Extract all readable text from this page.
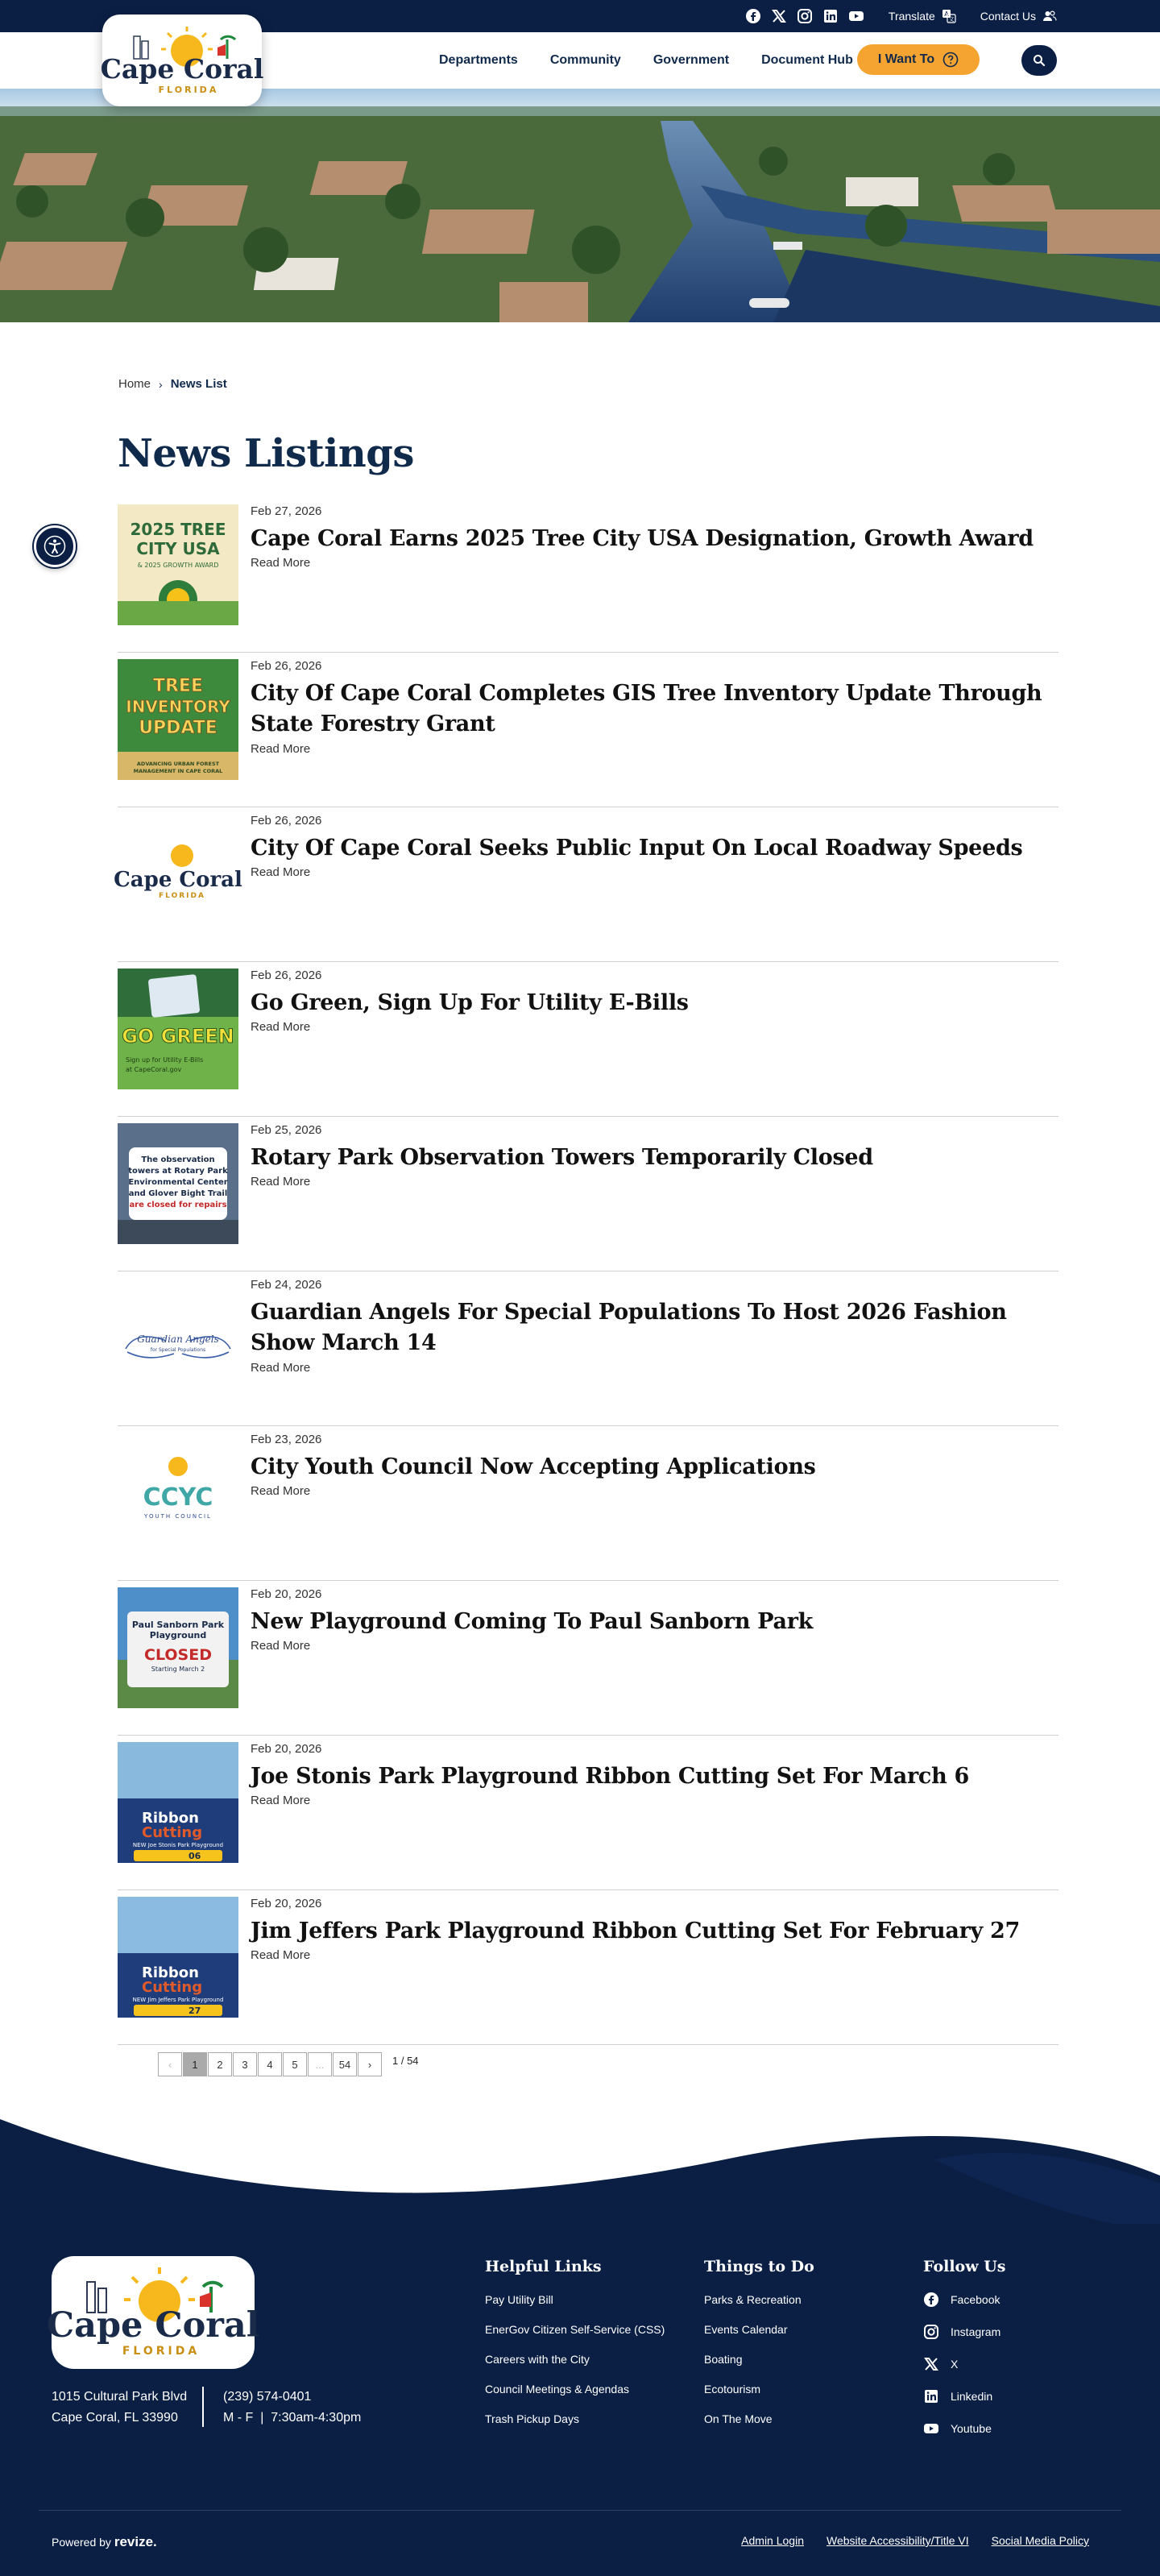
Translate A
文 Contact Us
Cape Coral
FLORIDA
Departments	Community	Government	Document Hub I Want To
Home › News List
News Listings
2025 TREE
CITY USA
& 2025 GROWTH AWARD
Feb 27, 2026
Cape Coral Earns 2025 Tree City USA Designation, Growth Award
Read More
TREE
INVENTORY
UPDATE
ADVANCING URBAN FOREST
MANAGEMENT IN CAPE CORAL
Feb 26, 2026
City Of Cape Coral Completes GIS Tree Inventory Update Through State Forestry Grant
Read More
Cape Coral
FLORIDA
Feb 26, 2026
City Of Cape Coral Seeks Public Input On Local Roadway Speeds
Read More
GO GREEN
Sign up for Utility E-Bills
at CapeCoral.gov
Feb 26, 2026
Go Green, Sign Up For Utility E-Bills
Read More
The observation
towers at Rotary Park
Environmental Center
and Glover Bight Trail
are closed for repairs
Feb 25, 2026
Rotary Park Observation Towers Temporarily Closed
Read More
Guardian Angels
for Special Populations
Feb 24, 2026
Guardian Angels For Special Populations To Host 2026 Fashion Show March 14
Read More
CCYC
YOUTH COUNCIL
Feb 23, 2026
City Youth Council Now Accepting Applications
Read More
Paul Sanborn Park
Playground
CLOSED
Starting March 2
Feb 20, 2026
New Playground Coming To Paul Sanborn Park
Read More
Ribbon
Cutting
NEW Joe Stonis Park Playground
06
Feb 20, 2026
Joe Stonis Park Playground Ribbon Cutting Set For March 6
Read More
Ribbon
Cutting
NEW Jim Jeffers Park Playground
27
Feb 20, 2026
Jim Jeffers Park Playground Ribbon Cutting Set For February 27
Read More
‹	1	2	3	4	5	...	54	›	1 / 54
Cape Coral
FLORIDA
1015 Cultural Park Blvd
Cape Coral, FL 33990
(239) 574-0401
M - F  |  7:30am-4:30pm
Helpful Links
Pay Utility Bill
EnerGov Citizen Self-Service (CSS)
Careers with the City
Council Meetings & Agendas
Trash Pickup Days
Things to Do
Parks & Recreation
Events Calendar
Boating
Ecotourism
On The Move
Follow Us
Facebook
Instagram
X
Linkedin
Youtube
Powered by revize.	Admin Login Website Accessibility/Title VI Social Media Policy
